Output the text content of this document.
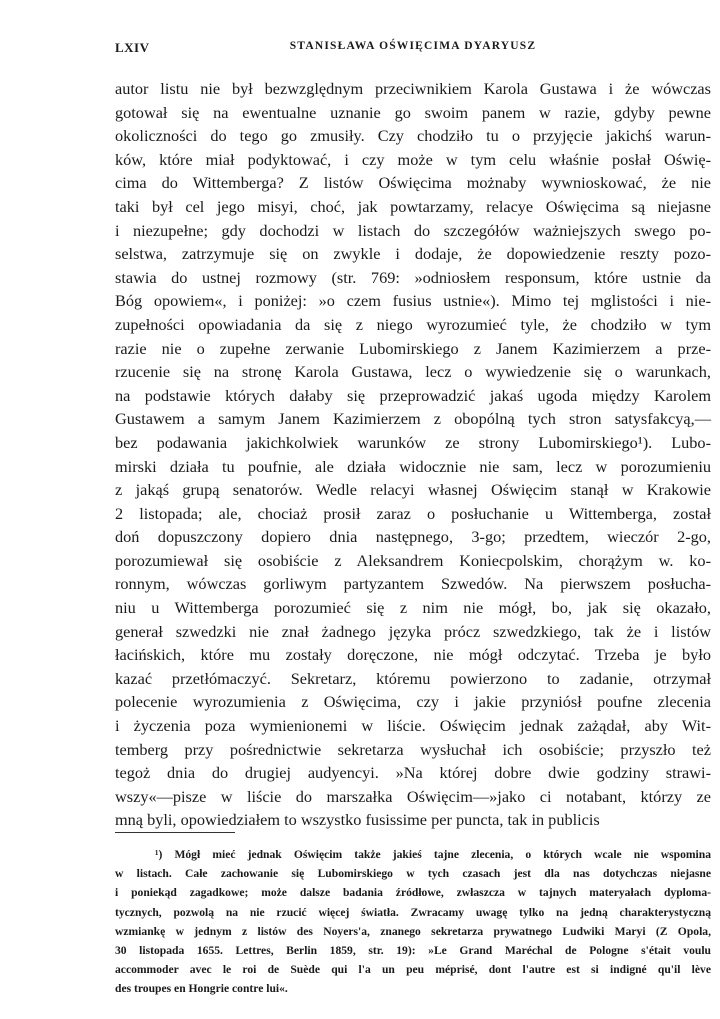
LXIV	STANISŁAWA OŚWIĘCIMA DYARYUSZ
autor listu nie był bezwzględnym przeciwnikiem Karola Gustawa i że wówczas
gotował się na ewentualne uznanie go swoim panem w razie, gdyby pewne
okoliczności do tego go zmusiły. Czy chodziło tu o przyjęcie jakichś warun-
ków, które miał podyktować, i czy może w tym celu właśnie posłał Oświę-
cima do Wittemberga? Z listów Oświęcima możnaby wywnioskować, że nie
taki był cel jego misyi, choć, jak powtarzamy, relacye Oświęcima są niejasne
i niezupełne; gdy dochodzi w listach do szczegółów ważniejszych swego po-
selstwa, zatrzymuje się on zwykle i dodaje, że dopowiedzenie reszty pozo-
stawia do ustnej rozmowy (str. 769: »odniosłem responsum, które ustnie da
Bóg opowiem«, i poniżej: »o czem fusius ustnie«). Mimo tej mglistości i nie-
zupełności opowiadania da się z niego wyrozumieć tyle, że chodziło w tym
razie nie o zupełne zerwanie Lubomirskiego z Janem Kazimierzem a prze-
rzucenie się na stronę Karola Gustawa, lecz o wywiedzenie się o warunkach,
na podstawie których dałaby się przeprowadzić jakaś ugoda między Karolem
Gustawem a samym Janem Kazimierzem z obopólną tych stron satysfakcyą,—
bez podawania jakichkolwiek warunków ze strony Lubomirskiego¹). Lubo-
mirski działa tu poufnie, ale działa widocznie nie sam, lecz w porozumieniu
z jakąś grupą senatorów. Wedle relacyi własnej Oświęcim stanął w Krakowie
2 listopada; ale, chociaż prosił zaraz o posłuchanie u Wittemberga, został
doń dopuszczony dopiero dnia następnego, 3-go; przedtem, wieczór 2-go,
porozumiewał się osobiście z Aleksandrem Koniecpolskim, chorążym w. ko-
ronnym, wówczas gorliwym partyzantem Szwedów. Na pierwszem posłucha-
niu u Wittemberga porozumieć się z nim nie mógł, bo, jak się okazało,
generał szwedzki nie znał żadnego języka prócz szwedzkiego, tak że i listów
łacińskich, które mu zostały doręczone, nie mógł odczytać. Trzeba je było
kazać przetłómaczyć. Sekretarz, któremu powierzono to zadanie, otrzymał
polecenie wyrozumienia z Oświęcima, czy i jakie przyniósł poufne zlecenia
i życzenia poza wymienionemi w liście. Oświęcim jednak zażądał, aby Wit-
temberg przy pośrednictwie sekretarza wysłuchał ich osobiście; przyszło też
tegoż dnia do drugiej audyencyi. »Na której dobre dwie godziny strawi-
wszy«—pisze w liście do marszałka Oświęcim—»jako ci notabant, którzy ze
mną byli, opowiedziałem to wszystko fusissime per puncta, tak in publicis
¹) Mógł mieć jednak Oświęcim także jakieś tajne zlecenia, o których wcale nie wspomina
w listach. Całe zachowanie się Lubomirskiego w tych czasach jest dla nas dotychczas niejasne
i poniekąd zagadkowe; może dalsze badania źródłowe, zwłaszcza w tajnych materyałach dyploma-
tycznych, pozwolą na nie rzucić więcej światła. Zwracamy uwagę tylko na jedną charakterystyczną
wzmiankę w jednym z listów des Noyers'a, znanego sekretarza prywatnego Ludwiki Maryi (Z Opola,
30 listopada 1655. Lettres, Berlin 1859, str. 19): »Le Grand Maréchal de Pologne s'était voulu
accommoder avec le roi de Suède qui l'a un peu méprisé, dont l'autre est si indigné qu'il lève
des troupes en Hongrie contre lui«.
